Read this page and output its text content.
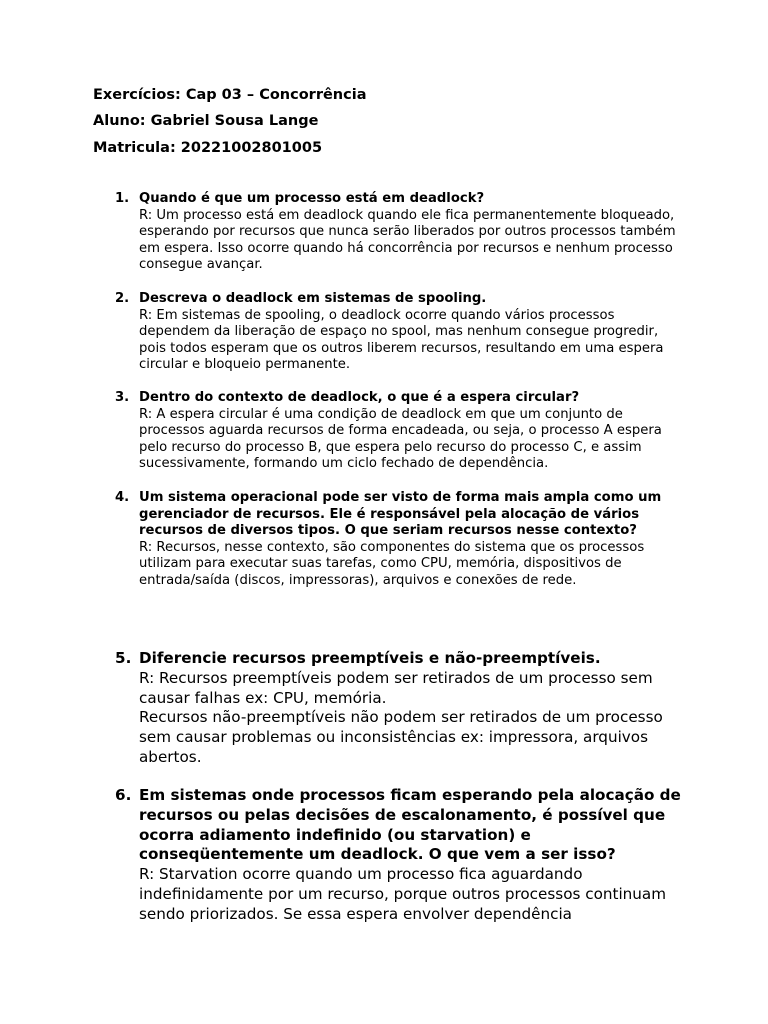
Exercícios: Cap 03 – Concorrência
Aluno: Gabriel Sousa Lange
Matricula: 20221002801005
1. Quando é que um processo está em deadlock?

R: Um processo está em deadlock quando ele fica permanentemente bloqueado, esperando por recursos que nunca serão liberados por outros processos também em espera. Isso ocorre quando há concorrência por recursos e nenhum processo consegue avançar.

2. Descreva o deadlock em sistemas de spooling.

R: Em sistemas de spooling, o deadlock ocorre quando vários processos dependem da liberação de espaço no spool, mas nenhum consegue progredir, pois todos esperam que os outros liberem recursos, resultando em uma espera circular e bloqueio permanente.

3. Dentro do contexto de deadlock, o que é a espera circular?

R: A espera circular é uma condição de deadlock em que um conjunto de processos aguarda recursos de forma encadeada, ou seja, o processo A espera pelo recurso do processo B, que espera pelo recurso do processo C, e assim sucessivamente, formando um ciclo fechado de dependência.

4. Um sistema operacional pode ser visto de forma mais ampla como um gerenciador de recursos. Ele é responsável pela alocação de vários recursos de diversos tipos. O que seriam recursos nesse contexto?

R: Recursos, nesse contexto, são componentes do sistema que os processos utilizam para executar suas tarefas, como CPU, memória, dispositivos de entrada/saída (discos, impressoras), arquivos e conexões de rede.

5. Diferencie recursos preemptíveis e não-preemptíveis.

R: Recursos preemptíveis podem ser retirados de um processo sem causar falhas ex: CPU, memória.

Recursos não-preemptíveis não podem ser retirados de um processo sem causar problemas ou inconsistências ex: impressora, arquivos abertos.

6. Em sistemas onde processos ficam esperando pela alocação de recursos ou pelas decisões de escalonamento, é possível que ocorra adiamento indefinido (ou starvation) e conseqüentemente um deadlock. O que vem a ser isso?

R: Starvation ocorre quando um processo fica aguardando indefinidamente por um recurso, porque outros processos continuam sendo priorizados. Se essa espera envolver dependência
